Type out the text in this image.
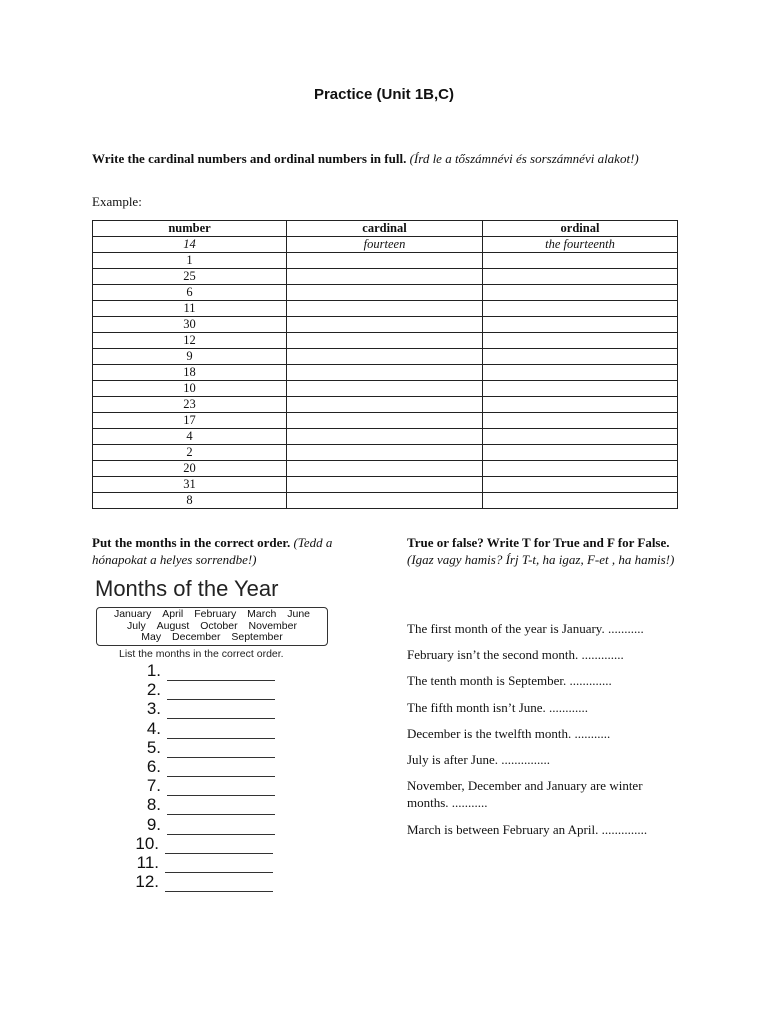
Practice (Unit 1B,C)
Write the cardinal numbers and ordinal numbers in full. (Írd le a tőszámnévi és sorszámnévi alakot!)
Example:
number	cardinal	ordinal
14	fourteen	the fourteenth
1		
25		
6		
11		
30		
12		
9		
18		
10		
23		
17		
4		
2		
20		
31		
8		
Put the months in the correct order. (Tedd a hónapokat a helyes sorrendbe!)
True or false? Write T for True and F for False. (Igaz vagy hamis? Írj T-t, ha igaz, F-et , ha hamis!)
Months of the Year
January April February March June
July August October November
May December September
List the months in the correct order.
1.
2.
3.
4.
5.
6.
7.
8.
9.
10.
11.
12.
The first month of the year is January. ...........
February isn’t the second month. .............
The tenth month is September. .............
The fifth month isn’t June. ............
December is the twelfth month. ...........
July is after June. ...............
November, December and January are winter months. ...........
March is between February an April. ..............
